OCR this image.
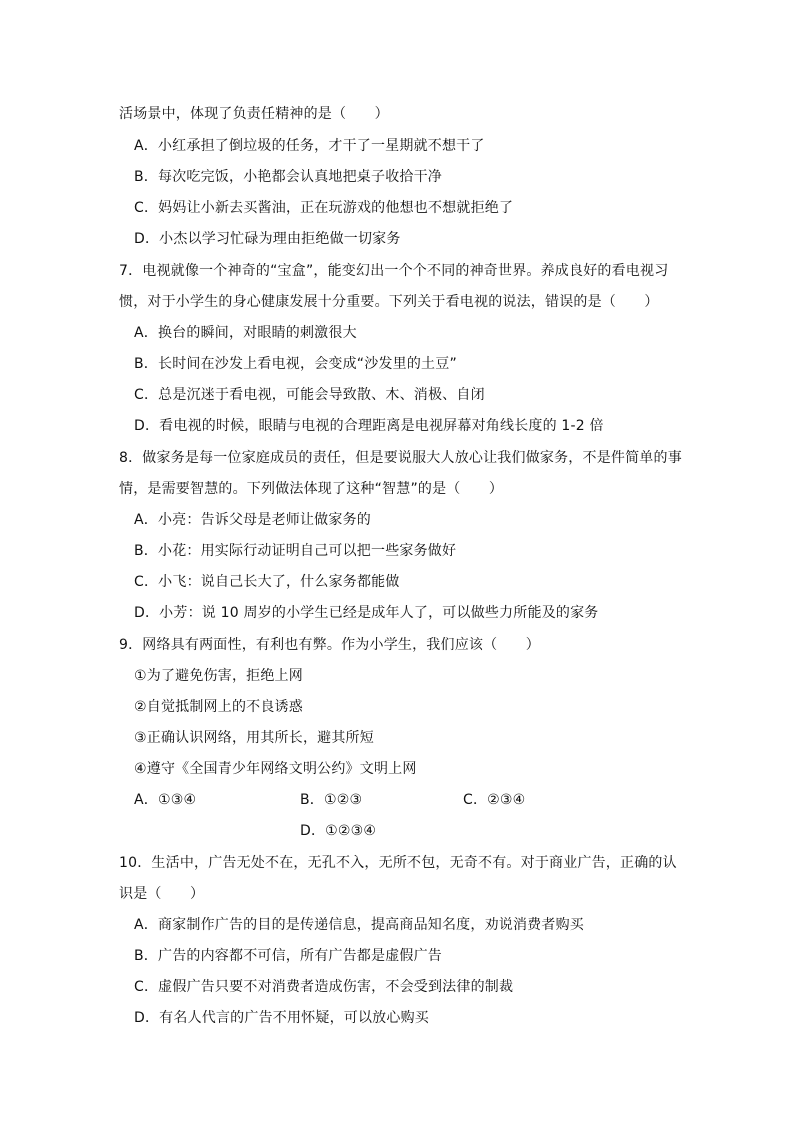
活场景中，体现了负责任精神的是（　　）
A．小红承担了倒垃圾的任务，才干了一星期就不想干了
B．每次吃完饭，小艳都会认真地把桌子收拾干净
C．妈妈让小新去买酱油，正在玩游戏的他想也不想就拒绝了
D．小杰以学习忙碌为理由拒绝做一切家务
7．电视就像一个神奇的“宝盒”，能变幻出一个个不同的神奇世界。养成良好的看电视习
惯，对于小学生的身心健康发展十分重要。下列关于看电视的说法，错误的是（　　）
A．换台的瞬间，对眼睛的刺激很大
B．长时间在沙发上看电视，会变成“沙发里的土豆”
C．总是沉迷于看电视，可能会导致散、木、消极、自闭
D．看电视的时候，眼睛与电视的合理距离是电视屏幕对角线长度的 1-2 倍
8．做家务是每一位家庭成员的责任，但是要说服大人放心让我们做家务，不是件简单的事
情，是需要智慧的。下列做法体现了这种“智慧”的是（　　）
A．小亮：告诉父母是老师让做家务的
B．小花：用实际行动证明自己可以把一些家务做好
C．小飞：说自己长大了，什么家务都能做
D．小芳：说 10 周岁的小学生已经是成年人了，可以做些力所能及的家务
9．网络具有两面性，有利也有弊。作为小学生，我们应该（　　）
①为了避免伤害，拒绝上网
②自觉抵制网上的不良诱惑
③正确认识网络，用其所长，避其所短
④遵守《全国青少年网络文明公约》文明上网
A．①③④	B．①②③	C．②③④
D．①②③④
10．生活中，广告无处不在，无孔不入，无所不包，无奇不有。对于商业广告，正确的认
识是（　　）
A．商家制作广告的目的是传递信息，提高商品知名度，劝说消费者购买
B．广告的内容都不可信，所有广告都是虚假广告
C．虚假广告只要不对消费者造成伤害，不会受到法律的制裁
D．有名人代言的广告不用怀疑，可以放心购买
